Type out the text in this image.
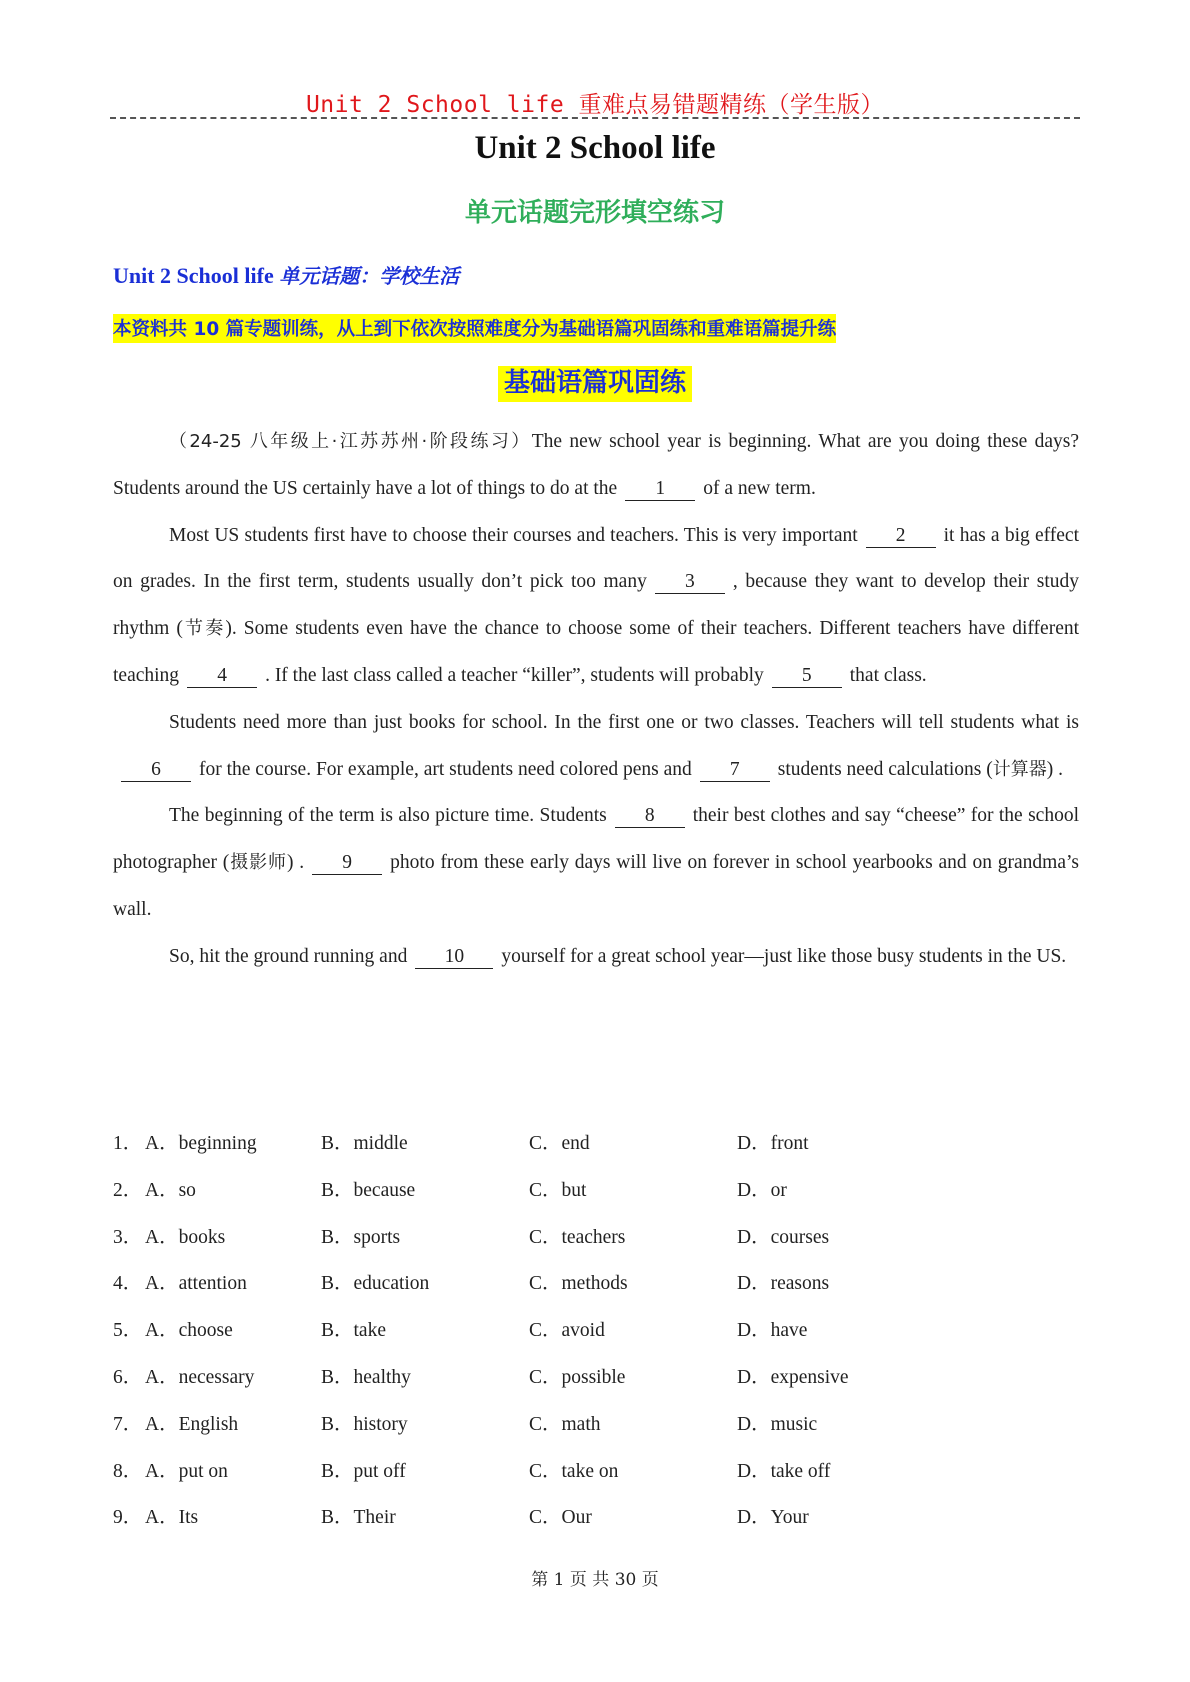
Unit 2 School life 重难点易错题精练（学生版）
Unit 2 School life
单元话题完形填空练习
Unit 2 School life 单元话题：学校生活
本资料共 10 篇专题训练，从上到下依次按照难度分为基础语篇巩固练和重难语篇提升练
基础语篇巩固练

（24-25 八年级上·江苏苏州·阶段练习）The new school year is beginning. What are you doing these days? Students around the US certainly have a lot of things to do at the 1 of a new term.

Most US students first have to choose their courses and teachers. This is very important 2 it has a big effect on grades. In the first term, students usually don’t pick too many 3 , because they want to develop their study rhythm (节奏). Some students even have the chance to choose some of their teachers. Different teachers have different teaching 4 . If the last class called a teacher “killer”, students will probably 5 that class.

Students need more than just books for school. In the first one or two classes. Teachers will tell students what is6 for the course. For example, art students need colored pens and 7 students need calculations (计算器) .

The beginning of the term is also picture time. Students 8 their best clothes and say “cheese” for the school photographer (摄影师) . 9 photo from these early days will live on forever in school yearbooks and on grandma’s wall.

So, hit the ground running and 10 yourself for a great school year—just like those busy students in the US.

1． A．beginning	B．middle	C．end	D．front
2． A．so	B．because	C．but	D．or
3． A．books	B．sports	C．teachers	D．courses
4． A．attention	B．education	C．methods	D．reasons
5． A．choose	B．take	C．avoid	D．have
6． A．necessary	B．healthy	C．possible	D．expensive
7． A．English	B．history	C．math	D．music
8． A．put on	B．put off	C．take on	D．take off
9． A．Its	B．Their	C．Our	D．Your
第 1 页 共 30 页
